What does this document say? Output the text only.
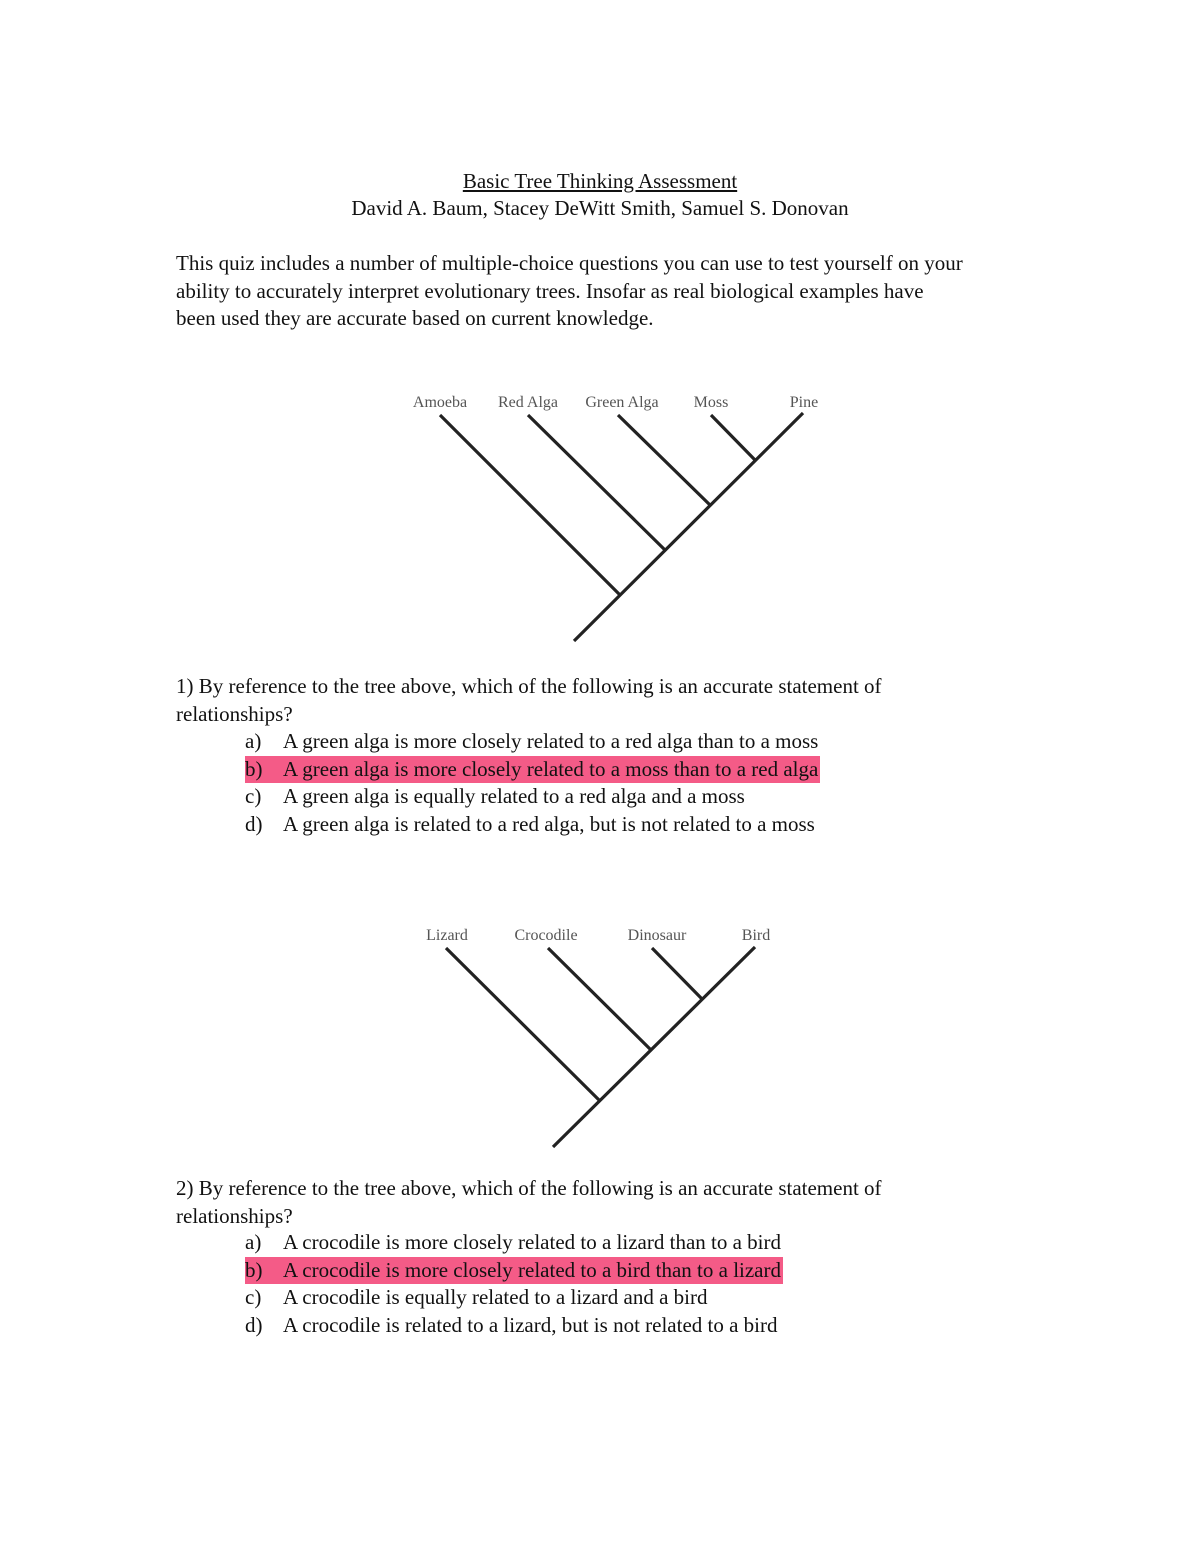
Basic Tree Thinking Assessment
David A. Baum, Stacey DeWitt Smith, Samuel S. Donovan
This quiz includes a number of multiple-choice questions you can use to test yourself on your
ability to accurately interpret evolutionary trees. Insofar as real biological examples have
been used they are accurate based on current knowledge.
Amoeba Red Alga Green Alga Moss	Pine
1) By reference to the tree above, which of the following is an accurate statement of
relationships?
a) A green alga is more closely related to a red alga than to a moss
b) A green alga is more closely related to a moss than to a red alga
c) A green alga is equally related to a red alga and a moss
d) A green alga is related to a red alga, but is not related to a moss
Lizard	Crocodile	Dinosaur	Bird
2) By reference to the tree above, which of the following is an accurate statement of
relationships?
a) A crocodile is more closely related to a lizard than to a bird
b) A crocodile is more closely related to a bird than to a lizard
c) A crocodile is equally related to a lizard and a bird
d) A crocodile is related to a lizard, but is not related to a bird
